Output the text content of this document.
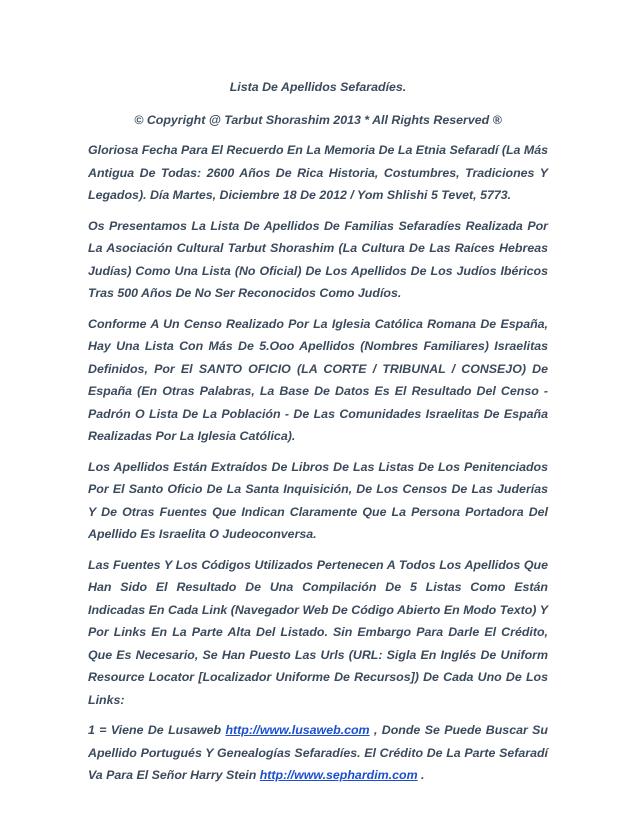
Lista De Apellidos Sefaradíes.

© Copyright @ Tarbut Shorashim 2013 * All Rights Reserved ®

Gloriosa Fecha Para El Recuerdo En La Memoria De La Etnia Sefaradí (La Más Antigua De Todas: 2600 Años De Rica Historia, Costumbres, Tradiciones Y Legados). Día Martes, Diciembre 18 De 2012 / Yom Shlishi 5 Tevet, 5773.

Os Presentamos La Lista De Apellidos De Familias Sefaradíes Realizada Por La Asociación Cultural Tarbut Shorashim (La Cultura De Las Raíces Hebreas Judías) Como Una Lista (No Oficial) De Los Apellidos De Los Judíos Ibéricos Tras 500 Años De No Ser Reconocidos Como Judíos.

Conforme A Un Censo Realizado Por La Iglesia Católica Romana De España, Hay Una Lista Con Más De 5.Ooo Apellidos (Nombres Familiares) Israelitas Definidos, Por El SANTO OFICIO (LA CORTE / TRIBUNAL / CONSEJO) De España (En Otras Palabras, La Base De Datos Es El Resultado Del Censo - Padrón O Lista De La Población - De Las Comunidades Israelitas De España Realizadas Por La Iglesia Católica).

Los Apellidos Están Extraídos De Libros De Las Listas De Los Penitenciados Por El Santo Oficio De La Santa Inquisición, De Los Censos De Las Juderías Y De Otras Fuentes Que Indican Claramente Que La Persona Portadora Del Apellido Es Israelita O Judeoconversa.

Las Fuentes Y Los Códigos Utilizados Pertenecen A Todos Los Apellidos Que Han Sido El Resultado De Una Compilación De 5 Listas Como Están Indicadas En Cada Link (Navegador Web De Código Abierto En Modo Texto) Y Por Links En La Parte Alta Del Listado. Sin Embargo Para Darle El Crédito, Que Es Necesario, Se Han Puesto Las Urls (URL: Sigla En Inglés De Uniform Resource Locator [Localizador Uniforme De Recursos]) De Cada Uno De Los Links:

1 = Viene De Lusaweb http://www.lusaweb.com , Donde Se Puede Buscar Su Apellido Portugués Y Genealogías Sefaradíes. El Crédito De La Parte Sefaradí Va Para El Señor Harry Stein http://www.sephardim.com .
